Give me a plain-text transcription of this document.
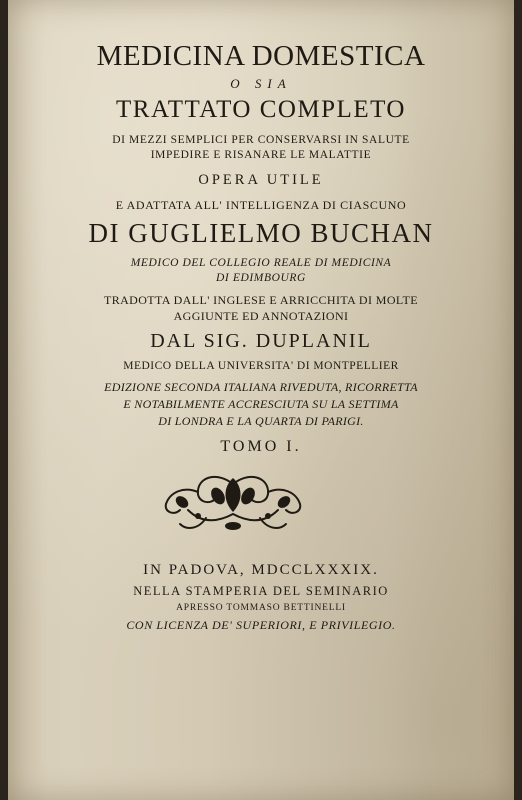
MEDICINA DOMESTICA
O SIA
TRATTATO COMPLETO
DI MEZZI SEMPLICI PER CONSERVARSI IN SALUTE
IMPEDIRE E RISANARE LE MALATTIE
OPERA UTILE
E ADATTATA ALL' INTELLIGENZA DI CIASCUNO
DI GUGLIELMO BUCHAN
MEDICO DEL COLLEGIO REALE DI MEDICINA
DI EDIMBOURG
TRADOTTA DALL' INGLESE E ARRICCHITA DI MOLTE
AGGIUNTE ED ANNOTAZIONI
DAL SIG. DUPLANIL
MEDICO DELLA UNIVERSITA' DI MONTPELLIER
EDIZIONE SECONDA ITALIANA RIVEDUTA, RICORRETTA
E NOTABILMENTE ACCRESCIUTA SU LA SETTIMA
DI LONDRA E LA QUARTA DI PARIGI.
TOMO I.
IN PADOVA, MDCCLXXXIX.
NELLA STAMPERIA DEL SEMINARIO
APRESSO TOMMASO BETTINELLI
CON LICENZA DE' SUPERIORI, E PRIVILEGIO.
